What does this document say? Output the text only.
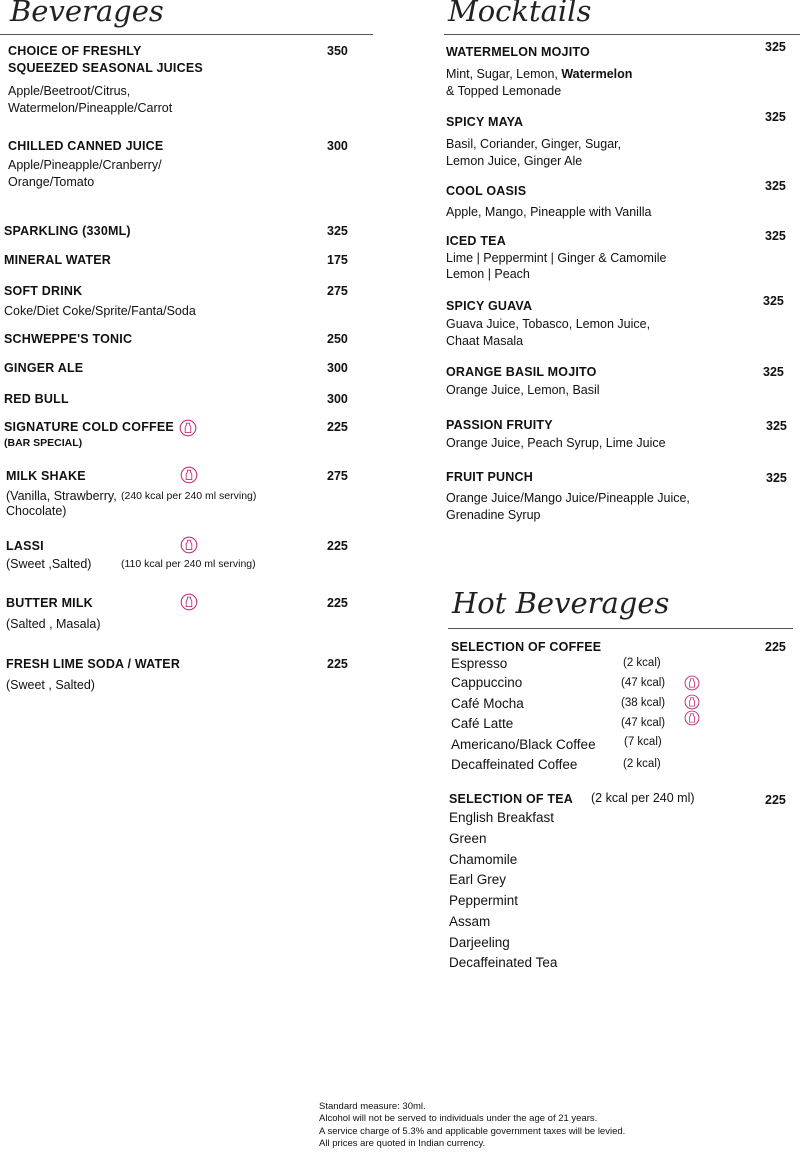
Beverages
CHOICE OF FRESHLY
SQUEEZED SEASONAL JUICES
350
Apple/Beetroot/Citrus,
Watermelon/Pineapple/Carrot
CHILLED CANNED JUICE	300
Apple/Pineapple/Cranberry/
Orange/Tomato
SPARKLING (330ML)	325
MINERAL WATER	175
SOFT DRINK	275
Coke/Diet Coke/Sprite/Fanta/Soda
SCHWEPPE'S TONIC	250
GINGER ALE	300
RED BULL	300
SIGNATURE COLD COFFEE	225
(BAR SPECIAL)
MILK SHAKE	275
(Vanilla, Strawberry, (240 kcal per 240 ml serving)
Chocolate)
LASSI	225
(Sweet ,Salted)	(110 kcal per 240 ml serving)
BUTTER MILK	225
(Salted , Masala)
FRESH LIME SODA / WATER	225
(Sweet , Salted)
Mocktails
WATERMELON MOJITO	325
Mint, Sugar, Lemon, Watermelon
& Topped Lemonade
SPICY MAYA	325
Basil, Coriander, Ginger, Sugar,
Lemon Juice, Ginger Ale
COOL OASIS	325
Apple, Mango, Pineapple with Vanilla
ICED TEA	325
Lime | Peppermint | Ginger & Camomile
Lemon | Peach
SPICY GUAVA	325
Guava Juice, Tobasco, Lemon Juice,
Chaat Masala
ORANGE BASIL MOJITO	325
Orange Juice, Lemon, Basil
PASSION FRUITY	325
Orange Juice, Peach Syrup, Lime Juice
FRUIT PUNCH	325
Orange Juice/Mango Juice/Pineapple Juice,
Grenadine Syrup
Hot Beverages
SELECTION OF COFFEE	225
Espresso	(2 kcal)
Cappuccino	(47 kcal)
Café Mocha	(38 kcal)
Café Latte	(47 kcal)
Americano/Black Coffee (7 kcal)
Decaffeinated Coffee	(2 kcal)
SELECTION OF TEA (2 kcal per 240 ml)	225
English Breakfast
Green
Chamomile
Earl Grey
Peppermint
Assam
Darjeeling
Decaffeinated Tea
Standard measure: 30ml.
Alcohol will not be served to individuals under the age of 21 years.
A service charge of 5.3% and applicable government taxes will be levied.
All prices are quoted in Indian currency.
